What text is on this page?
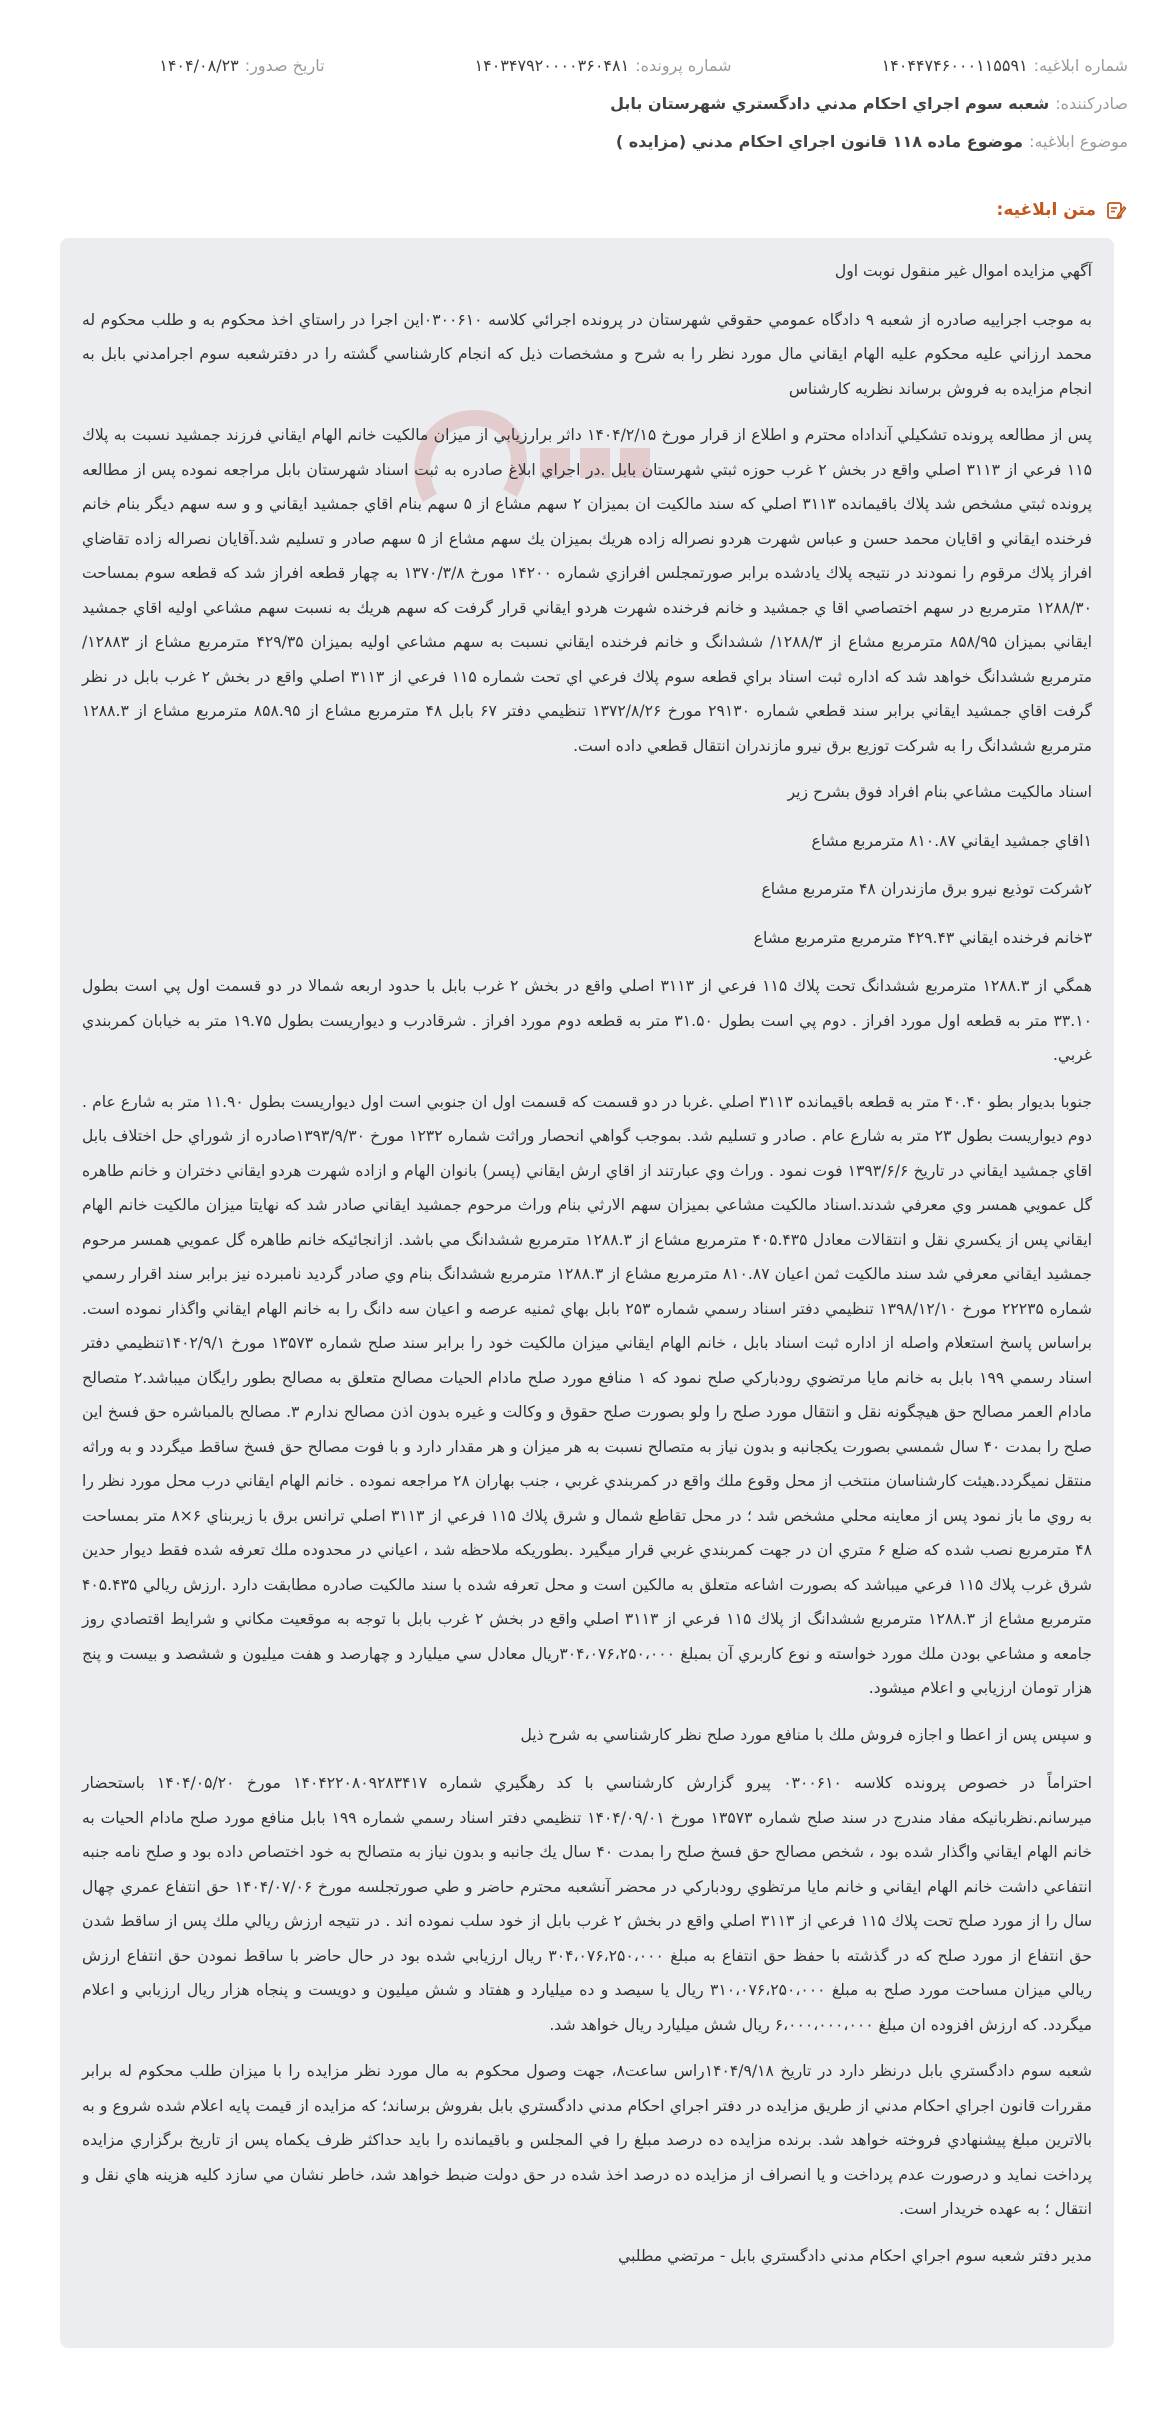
شماره ابلاغیه:
۱۴۰۴۴۷۴۶۰۰۰۱۱۵۵۹۱
شماره پرونده:
۱۴۰۳۴۷۹۲۰۰۰۰۳۶۰۴۸۱
تاریخ صدور:
۱۴۰۴/۰۸/۲۳
صادرکننده:
شعبه سوم اجراي احكام مدني دادگستري شهرستان بابل
موضوع ابلاغیه:
موضوع ماده ۱۱۸ قانون اجراي احكام مدني (مزايده )
متن ابلاغیه:

آگهي مزايده اموال غير منقول نوبت اول

به موجب اجراييه صادره از شعبه ۹ دادگاه عمومي حقوقي شهرستان در پرونده اجرائي كلاسه ۰۳۰۰۶۱۰اين اجرا در راستاي اخذ محكوم به و طلب محكوم له محمد ارزاني عليه محكوم عليه الهام ايقاني مال مورد نظر را به شرح و مشخصات ذيل كه انجام كارشناسي گشته را در دفترشعبه سوم اجرامدني بابل به انجام مزايده به فروش برساند نظريه كارشناس

پس از مطالعه پرونده تشكيلي آنداداه محترم و اطلاع از قرار مورخ ۱۴۰۴/۲/۱۵ داثر برارزيابي از ميزان مالكيت خانم الهام ايقاني فرزند جمشيد نسبت به پلاك ۱۱۵ فرعي از ۳۱۱۳ اصلي واقع در بخش ۲ غرب حوزه ثبتي شهرستان بابل .در اجراي ابلاغ صادره به ثبت اسناد شهرستان بابل مراجعه نموده پس از مطالعه پرونده ثبتي مشخص شد پلاك باقيمانده ۳۱۱۳ اصلي كه سند مالكيت ان بميزان ۲ سهم مشاع از ۵ سهم بنام اقاي جمشيد ايقاني و و سه سهم ديگر بنام خانم فرخنده ايقاني و اقايان محمد حسن و عباس شهرت هردو نصراله زاده هريك بميزان يك سهم مشاع از ۵ سهم صادر و تسليم شد.آقايان نصراله زاده تقاضاي افراز پلاك مرقوم را نمودند در نتيجه پلاك يادشده برابر صورتمجلس افرازي شماره ۱۴۲۰۰ مورخ ۱۳۷۰/۳/۸ به چهار قطعه افراز شد كه قطعه سوم بمساحت ۱۲۸۸/۳۰ مترمربع در سهم اختصاصي اقا ي جمشيد و خانم فرخنده شهرت هردو ايقاني قرار گرفت كه سهم هريك به نسبت سهم مشاعي اوليه اقاي جمشيد ايقاني بميزان ۸۵۸/۹۵ مترمربع مشاع از ۱۲۸۸/۳/ ششدانگ و خانم فرخنده ايقاني نسبت به سهم مشاعي اوليه بميزان ۴۲۹/۳۵ مترمربع مشاع از ۱۲۸۸۳/ مترمربع ششدانگ خواهد شد كه اداره ثبت اسناد براي قطعه سوم پلاك فرعي اي تحت شماره ۱۱۵ فرعي از ۳۱۱۳ اصلي واقع در بخش ۲ غرب بابل در نظر گرفت اقاي جمشيد ايقاني برابر سند قطعي شماره ۲۹۱۳۰ مورخ ۱۳۷۲/۸/۲۶ تنظيمي دفتر ۶۷ بابل ۴۸ مترمربع مشاع از ۸۵۸.۹۵ مترمربع مشاع از ۱۲۸۸.۳ مترمربع ششدانگ را به شركت توزيع برق نيرو مازندران انتقال قطعي داده است.

اسناد مالكيت مشاعي بنام افراد فوق بشرح زير

۱اقاي جمشيد ايقاني ۸۱۰.۸۷ مترمربع مشاع

۲شركت توذيع نيرو برق مازندران ۴۸ مترمربع مشاع

۳خانم فرخنده ايقاني ۴۲۹.۴۳ مترمربع مترمربع مشاع

همگي از ۱۲۸۸.۳ مترمربع ششدانگ تحت پلاك ۱۱۵ فرعي از ۳۱۱۳ اصلي واقع در بخش ۲ غرب بابل با حدود اربعه شمالا در دو قسمت اول پي است بطول ۳۳.۱۰ متر به قطعه اول مورد افراز . دوم پي است بطول ۳۱.۵۰ متر به قطعه دوم مورد افراز . شرقادرب و ديواريست بطول ۱۹.۷۵ متر به خيابان كمربندي غربي.

جنوبا بديوار بطو ۴۰.۴۰ متر به قطعه باقيمانده ۳۱۱۳ اصلي .غربا در دو قسمت كه قسمت اول ان جنوبي است اول ديواريست بطول ۱۱.۹۰ متر به شارع عام . دوم ديواريست بطول ۲۳ متر به شارع عام . صادر و تسليم شد. بموجب گواهي انحصار وراثت شماره ۱۲۳۲ مورخ ۱۳۹۳/۹/۳۰صادره از شوراي حل اختلاف بابل اقاي جمشيد ايقاني در تاريخ ۱۳۹۳/۶/۶ فوت نمود . وراث وي عبارتند از اقاي ارش ايقاني (پسر) بانوان الهام و ازاده شهرت هردو ايقاني دختران و خانم طاهره گل عمويي همسر وي معرفي شدند.اسناد مالكيت مشاعي بميزان سهم الارثي بنام وراث مرحوم جمشيد ايقاني صادر شد كه نهايتا ميزان مالكيت خانم الهام ايقاني پس از يكسري نقل و انتقالات معادل ۴۰۵.۴۳۵ مترمربع مشاع از ۱۲۸۸.۳ مترمربع ششدانگ مي باشد. ازانجائيكه خانم طاهره گل عمويي همسر مرحوم جمشيد ايقاني معرفي شد سند مالكيت ثمن اعيان ۸۱۰.۸۷ مترمربع مشاع از ۱۲۸۸.۳ مترمربع ششدانگ بنام وي صادر گرديد نامبرده نيز برابر سند اقرار رسمي شماره ۲۲۲۳۵ مورخ ۱۳۹۸/۱۲/۱۰ تنظيمي دفتر اسناد رسمي شماره ۲۵۳ بابل بهاي ثمنيه عرصه و اعيان سه دانگ را به خانم الهام ايقاني واگذار نموده است. براساس پاسخ استعلام واصله از اداره ثبت اسناد بابل ، خانم الهام ايقاني ميزان مالكيت خود را برابر سند صلح شماره ۱۳۵۷۳ مورخ ۱۴۰۲/۹/۱تنظيمي دفتر اسناد رسمي ۱۹۹ بابل به خانم مايا مرتضوي رودباركي صلح نمود كه ۱ منافع مورد صلح مادام الحيات مصالح متعلق به مصالح بطور رايگان ميباشد.۲ متصالح مادام العمر مصالح حق هيچگونه نقل و انتقال مورد صلح را ولو بصورت صلح حقوق و وكالت و غيره بدون اذن مصالح ندارم ۳. مصالح بالمباشره حق فسخ اين صلح را بمدت ۴۰ سال شمسي بصورت يكجانبه و بدون نياز به متصالح نسبت به هر ميزان و هر مقدار دارد و با فوت مصالح حق فسخ ساقط ميگردد و به وراثه منتقل نميگردد.هيئت كارشناسان منتخب از محل وقوع ملك واقع در كمربندي غربي ، جنب بهاران ۲۸ مراجعه نموده . خانم الهام ايقاني درب محل مورد نظر را به روي ما باز نمود پس از معاينه محلي مشخص شد ؛ در محل تقاطع شمال و شرق پلاك ۱۱۵ فرعي از ۳۱۱۳ اصلي ترانس برق با زيربناي ۶×۸ متر بمساحت ۴۸ مترمربع نصب شده كه ضلع ۶ متري ان در جهت كمربندي غربي قرار ميگيرد .بطوريكه ملاحظه شد ، اعياني در محدوده ملك تعرفه شده فقط ديوار حدين شرق غرب پلاك ۱۱۵ فرعي ميباشد كه بصورت اشاعه متعلق به مالكين است و محل تعرفه شده با سند مالكيت صادره مطابقت دارد .ارزش ريالي ۴۰۵.۴۳۵ مترمربع مشاع از ۱۲۸۸.۳ مترمربع ششدانگ از پلاك ۱۱۵ فرعي از ۳۱۱۳ اصلي واقع در بخش ۲ غرب بابل با توجه به موقعيت مكاني و شرايط اقتصادي روز جامعه و مشاعي بودن ملك مورد خواسته و نوع كاربري آن بمبلغ ۳۰۴،۰۷۶،۲۵۰،۰۰۰ريال معادل سي ميليارد و چهارصد و هفت ميليون و ششصد و بيست و پنج هزار تومان ارزيابي و اعلام ميشود.

و سپس پس از اعطا و اجازه فروش ملك با منافع مورد صلح نظر كارشناسي به شرح ذيل

احتراماً در خصوص پرونده كلاسه ۰۳۰۰۶۱۰ پيرو گزارش كارشناسي با كد رهگيري شماره ۱۴۰۴۲۲۰۸۰۹۲۸۳۴۱۷ مورخ ۱۴۰۴/۰۵/۲۰ باستحضار ميرسانم.نظربانيكه مفاد مندرج در سند صلح شماره ۱۳۵۷۳ مورخ ۱۴۰۴/۰۹/۰۱ تنظيمي دفتر اسناد رسمي شماره ۱۹۹ بابل منافع مورد صلح مادام الحيات به خانم الهام ايقاني واگذار شده بود ، شخص مصالح حق فسخ صلح را بمدت ۴۰ سال يك جانبه و بدون نياز به متصالح به خود اختصاص داده بود و صلح نامه جنبه انتفاعي داشت خانم الهام ايقاني و خانم مايا مرتظوي رودباركي در محضر آنشعبه محترم حاضر و طي صورتجلسه مورخ ۱۴۰۴/۰۷/۰۶ حق انتفاع عمري چهال سال را از مورد صلح تحت پلاك ۱۱۵ فرعي از ۳۱۱۳ اصلي واقع در بخش ۲ غرب بابل از خود سلب نموده اند . در نتيجه ارزش ريالي ملك پس از ساقط شدن حق انتفاع از مورد صلح كه در گذشته با حفظ حق انتفاع به مبلغ ۳۰۴،۰۷۶،۲۵۰،۰۰۰ ريال ارزيابي شده بود در حال حاضر با ساقط نمودن حق انتفاع ارزش ريالي ميزان مساحت مورد صلح به مبلغ ۳۱۰،۰۷۶،۲۵۰،۰۰۰ ريال يا سيصد و ده ميليارد و هفتاد و شش ميليون و دويست و پنجاه هزار ريال ارزيابي و اعلام ميگردد. كه ارزش افزوده ان مبلغ ۶،۰۰۰،۰۰۰،۰۰۰ ريال شش ميليارد ريال خواهد شد.

شعبه سوم دادگستري بابل درنظر دارد در تاريخ ۱۴۰۴/۹/۱۸راس ساعت۸، جهت وصول محكوم به مال مورد نظر مزايده را با ميزان طلب محكوم له برابر مقررات قانون اجراي احكام مدني از طريق مزايده در دفتر اجراي احكام مدني دادگستري بابل بفروش برساند؛ كه مزايده از قيمت پايه اعلام شده شروع و به بالاترين مبلغ پيشنهادي فروخته خواهد شد. برنده مزايده ده درصد مبلغ را في المجلس و باقيمانده را بايد حداكثر ظرف يكماه پس از تاريخ برگزاري مزايده پرداخت نمايد و درصورت عدم پرداخت و يا انصراف از مزايده ده درصد اخذ شده در حق دولت ضبط خواهد شد، خاطر نشان مي سازد كليه هزينه هاي نقل و انتقال ؛ به عهده خريدار است.

مدير دفتر شعبه سوم اجراي احكام مدني دادگستري بابل - مرتضي مطلبي
